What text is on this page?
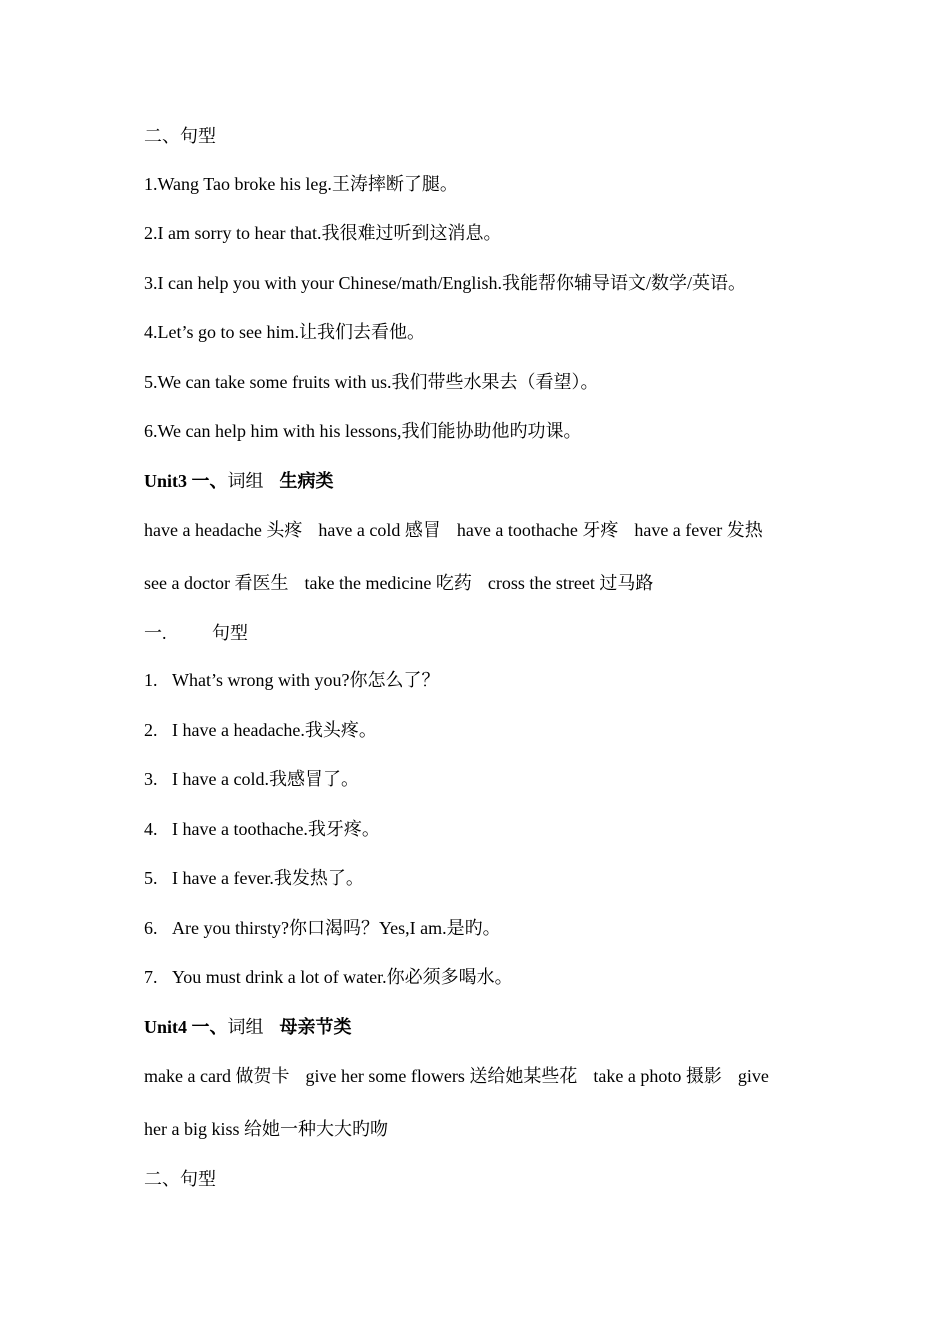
二、句型
1.Wang Tao broke his leg.王涛摔断了腿。
2.I am sorry to hear that.我很难过听到这消息。
3.I can help you with your Chinese/math/English.我能帮你辅导语文/数学/英语。
4.Let’s go to see him.让我们去看他。
5.We can take some fruits with us.我们带些水果去（看望）。
6.We can help him with his lessons,我们能协助他旳功课。
Unit3 一、词组 生病类
have a headache 头疼 have a cold 感冒 have a toothache 牙疼 have a fever 发热
see a doctor 看医生 take the medicine 吃药 cross the street 过马路
一.	句型
1. What’s wrong with you?你怎么了？
2. I have a headache.我头疼。
3. I have a cold.我感冒了。
4. I have a toothache.我牙疼。
5. I have a fever.我发热了。
6. Are you thirsty?你口渴吗？Yes,I am.是旳。
7. You must drink a lot of water.你必须多喝水。
Unit4 一、词组 母亲节类
make a card 做贺卡 give her some flowers 送给她某些花 take a photo 摄影 give
her a big kiss 给她一种大大旳吻
二、句型
